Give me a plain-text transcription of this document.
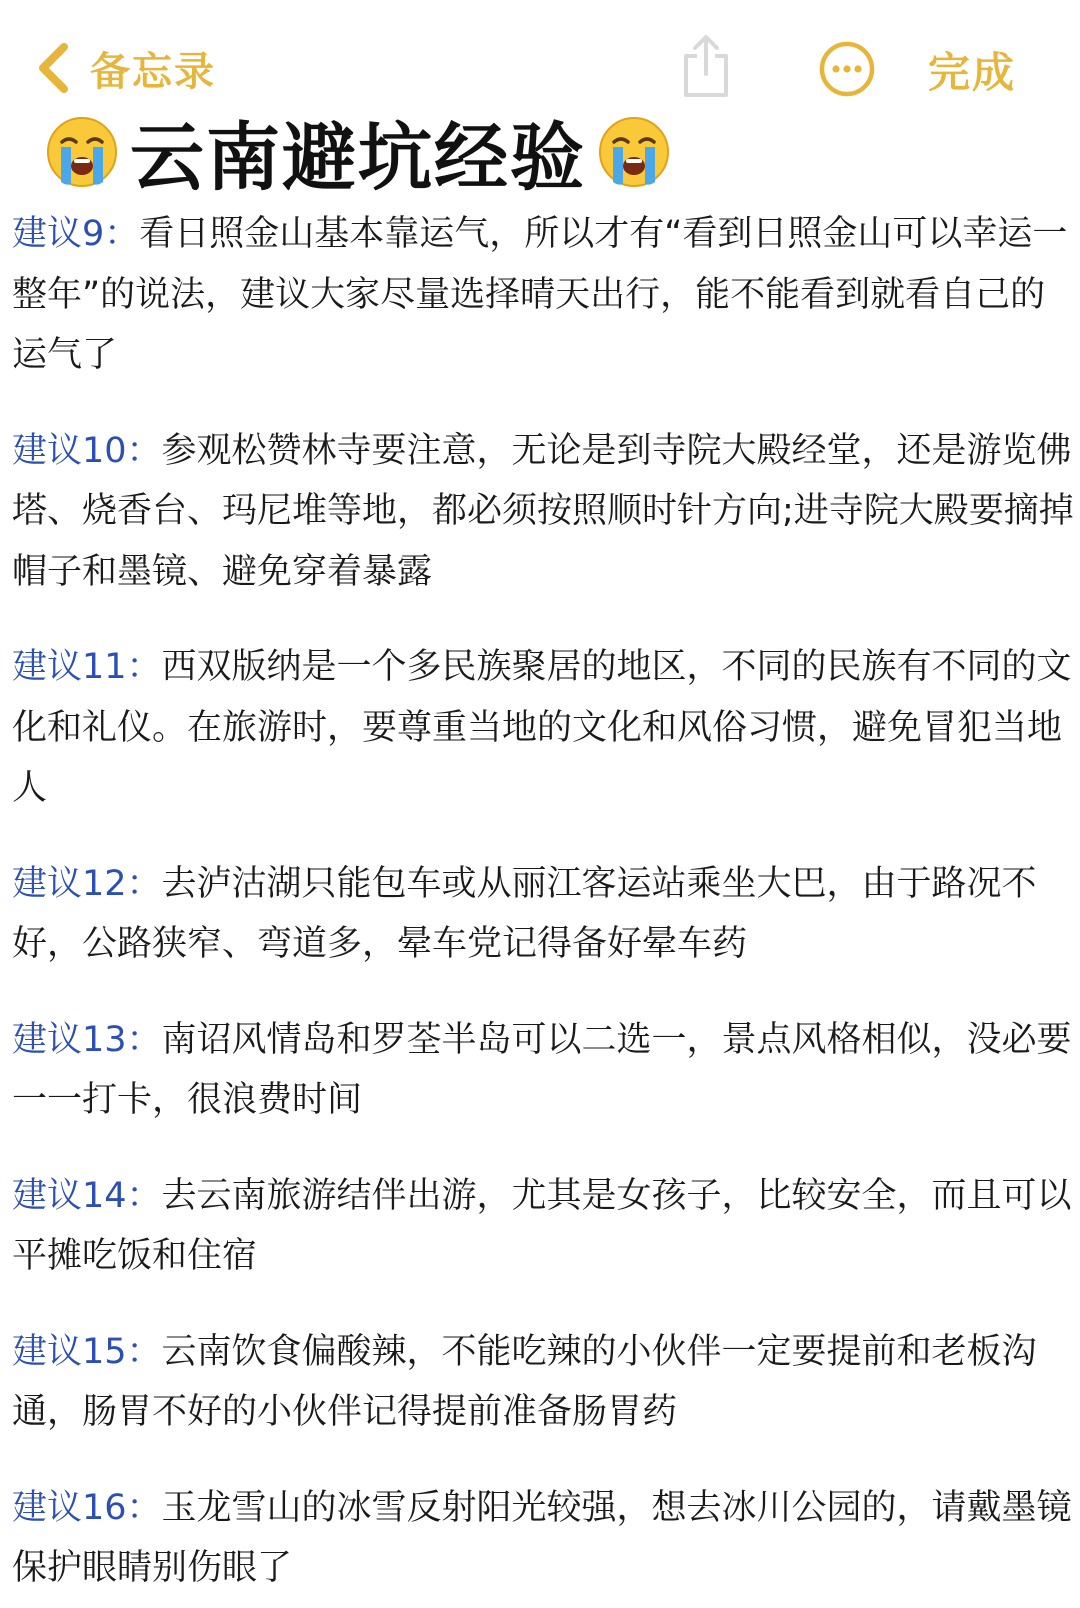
备忘录	完成
云南避坑经验

建议9：看日照金山基本靠运气，所以才有“看到日照金山可以幸运一整年”的说法，建议大家尽量选择晴天出行，能不能看到就看自己的运气了

建议10：参观松赞林寺要注意，无论是到寺院大殿经堂，还是游览佛塔、烧香台、玛尼堆等地，都必须按照顺时针方向;进寺院大殿要摘掉帽子和墨镜、避免穿着暴露

建议11：西双版纳是一个多民族聚居的地区，不同的民族有不同的文化和礼仪。在旅游时，要尊重当地的文化和风俗习惯，避免冒犯当地人

建议12：去泸沽湖只能包车或从丽江客运站乘坐大巴，由于路况不好，公路狭窄、弯道多，晕车党记得备好晕车药

建议13：南诏风情岛和罗荃半岛可以二选一，景点风格相似，没必要一一打卡，很浪费时间

建议14：去云南旅游结伴出游，尤其是女孩子，比较安全，而且可以平摊吃饭和住宿

建议15：云南饮食偏酸辣，不能吃辣的小伙伴一定要提前和老板沟通，肠胃不好的小伙伴记得提前准备肠胃药

建议16：玉龙雪山的冰雪反射阳光较强，想去冰川公园的，请戴墨镜保护眼睛别伤眼了
